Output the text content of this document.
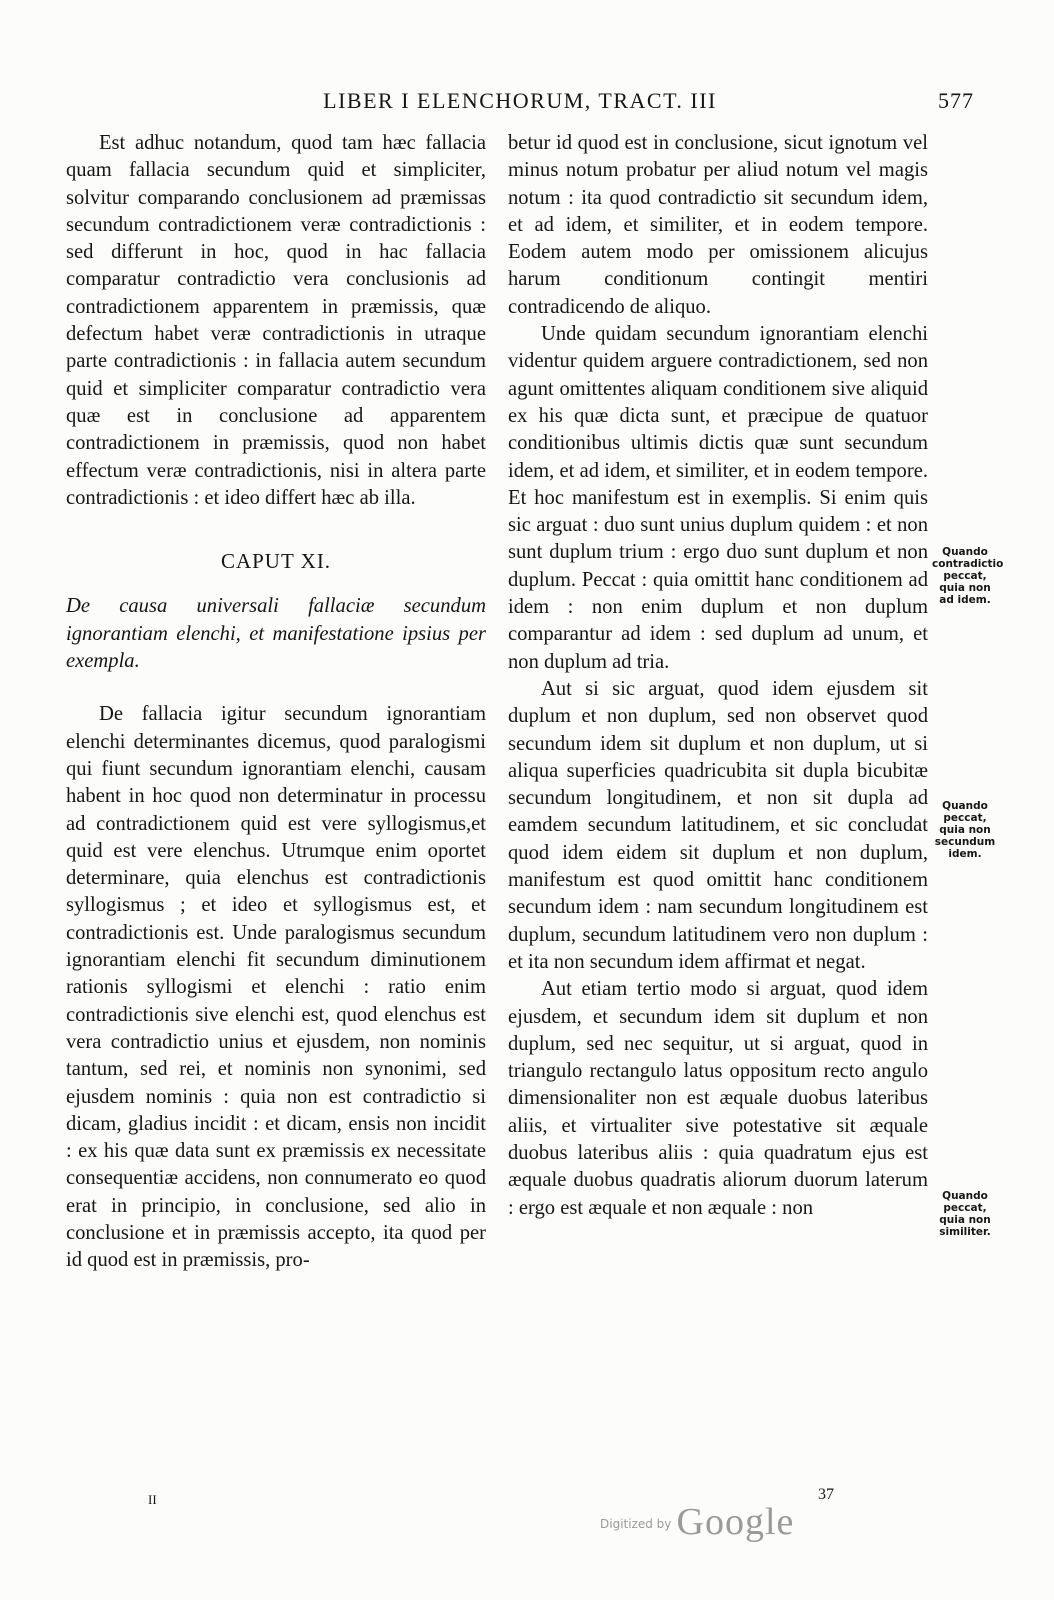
LIBER I ELENCHORUM, TRACT. III	577

Est adhuc notandum, quod tam hæc fallacia quam fallacia secundum quid et simpliciter, solvitur comparando conclusionem ad præmissas secundum contradictionem veræ contradictionis : sed differunt in hoc, quod in hac fallacia comparatur contradictio vera conclusionis ad contradictionem apparentem in præmissis, quæ defectum habet veræ contradictionis in utraque parte contradictionis : in fallacia autem secundum quid et simpliciter comparatur contradictio vera quæ est in conclusione ad apparentem contradictionem in præmissis, quod non habet effectum veræ contradictionis, nisi in altera parte contradictionis : et ideo differt hæc ab illa.

CAPUT XI.

De causa universali fallaciæ secundum ignorantiam elenchi, et manifestatione ipsius per exempla.

De fallacia igitur secundum ignorantiam elenchi determinantes dicemus, quod paralogismi qui fiunt secundum ignorantiam elenchi, causam habent in hoc quod non determinatur in processu ad contradictionem quid est vere syllogismus,et quid est vere elenchus. Utrumque enim oportet determinare, quia elenchus est contradictionis syllogismus ; et ideo et syllogismus est, et contradictionis est. Unde paralogismus secundum ignorantiam elenchi fit secundum diminutionem rationis syllogismi et elenchi : ratio enim contradictionis sive elenchi est, quod elenchus est vera contradictio unius et ejusdem, non nominis tantum, sed rei, et nominis non synonimi, sed ejusdem nominis : quia non est contradictio si dicam, gladius incidit : et dicam, ensis non incidit : ex his quæ data sunt ex præmissis ex necessitate consequentiæ accidens, non connumerato eo quod erat in principio, in conclusione, sed alio in conclusione et in præmissis accepto, ita quod per id quod est in præmissis, pro-

betur id quod est in conclusione, sicut ignotum vel minus notum probatur per aliud notum vel magis notum : ita quod contradictio sit secundum idem, et ad idem, et similiter, et in eodem tempore. Eodem autem modo per omissionem alicujus harum conditionum contingit mentiri contradicendo de aliquo.

Unde quidam secundum ignorantiam elenchi videntur quidem arguere contradictionem, sed non agunt omittentes aliquam conditionem sive aliquid ex his quæ dicta sunt, et præcipue de quatuor conditionibus ultimis dictis quæ sunt secundum idem, et ad idem, et similiter, et in eodem tempore. Et hoc manifestum est in exemplis. Si enim quis sic arguat : duo sunt unius duplum quidem : et non sunt duplum trium : ergo duo sunt duplum et non duplum. Peccat : quia omittit hanc conditionem ad idem : non enim duplum et non duplum comparantur ad idem : sed duplum ad unum, et non duplum ad tria.

Aut si sic arguat, quod idem ejusdem sit duplum et non duplum, sed non observet quod secundum idem sit duplum et non duplum, ut si aliqua superficies quadricubita sit dupla bicubitæ secundum longitudinem, et non sit dupla ad eamdem secundum latitudinem, et sic concludat quod idem eidem sit duplum et non duplum, manifestum est quod omittit hanc conditionem secundum idem : nam secundum longitudinem est duplum, secundum latitudinem vero non duplum : et ita non secundum idem affirmat et negat.

Aut etiam tertio modo si arguat, quod idem ejusdem, et secundum idem sit duplum et non duplum, sed nec sequitur, ut si arguat, quod in triangulo rectangulo latus oppositum recto angulo dimensionaliter non est æquale duobus lateribus aliis, et virtualiter sive potestative sit æquale duobus lateribus aliis : quia quadratum ejus est æquale duobus quadratis aliorum duorum laterum : ergo est æquale et non æquale : non

Quando contradictio peccat, quia non ad idem.
Quando peccat, quia non secundum idem.
Quando peccat, quia non similiter.
II	37
$^{Digitized by}$ Google
